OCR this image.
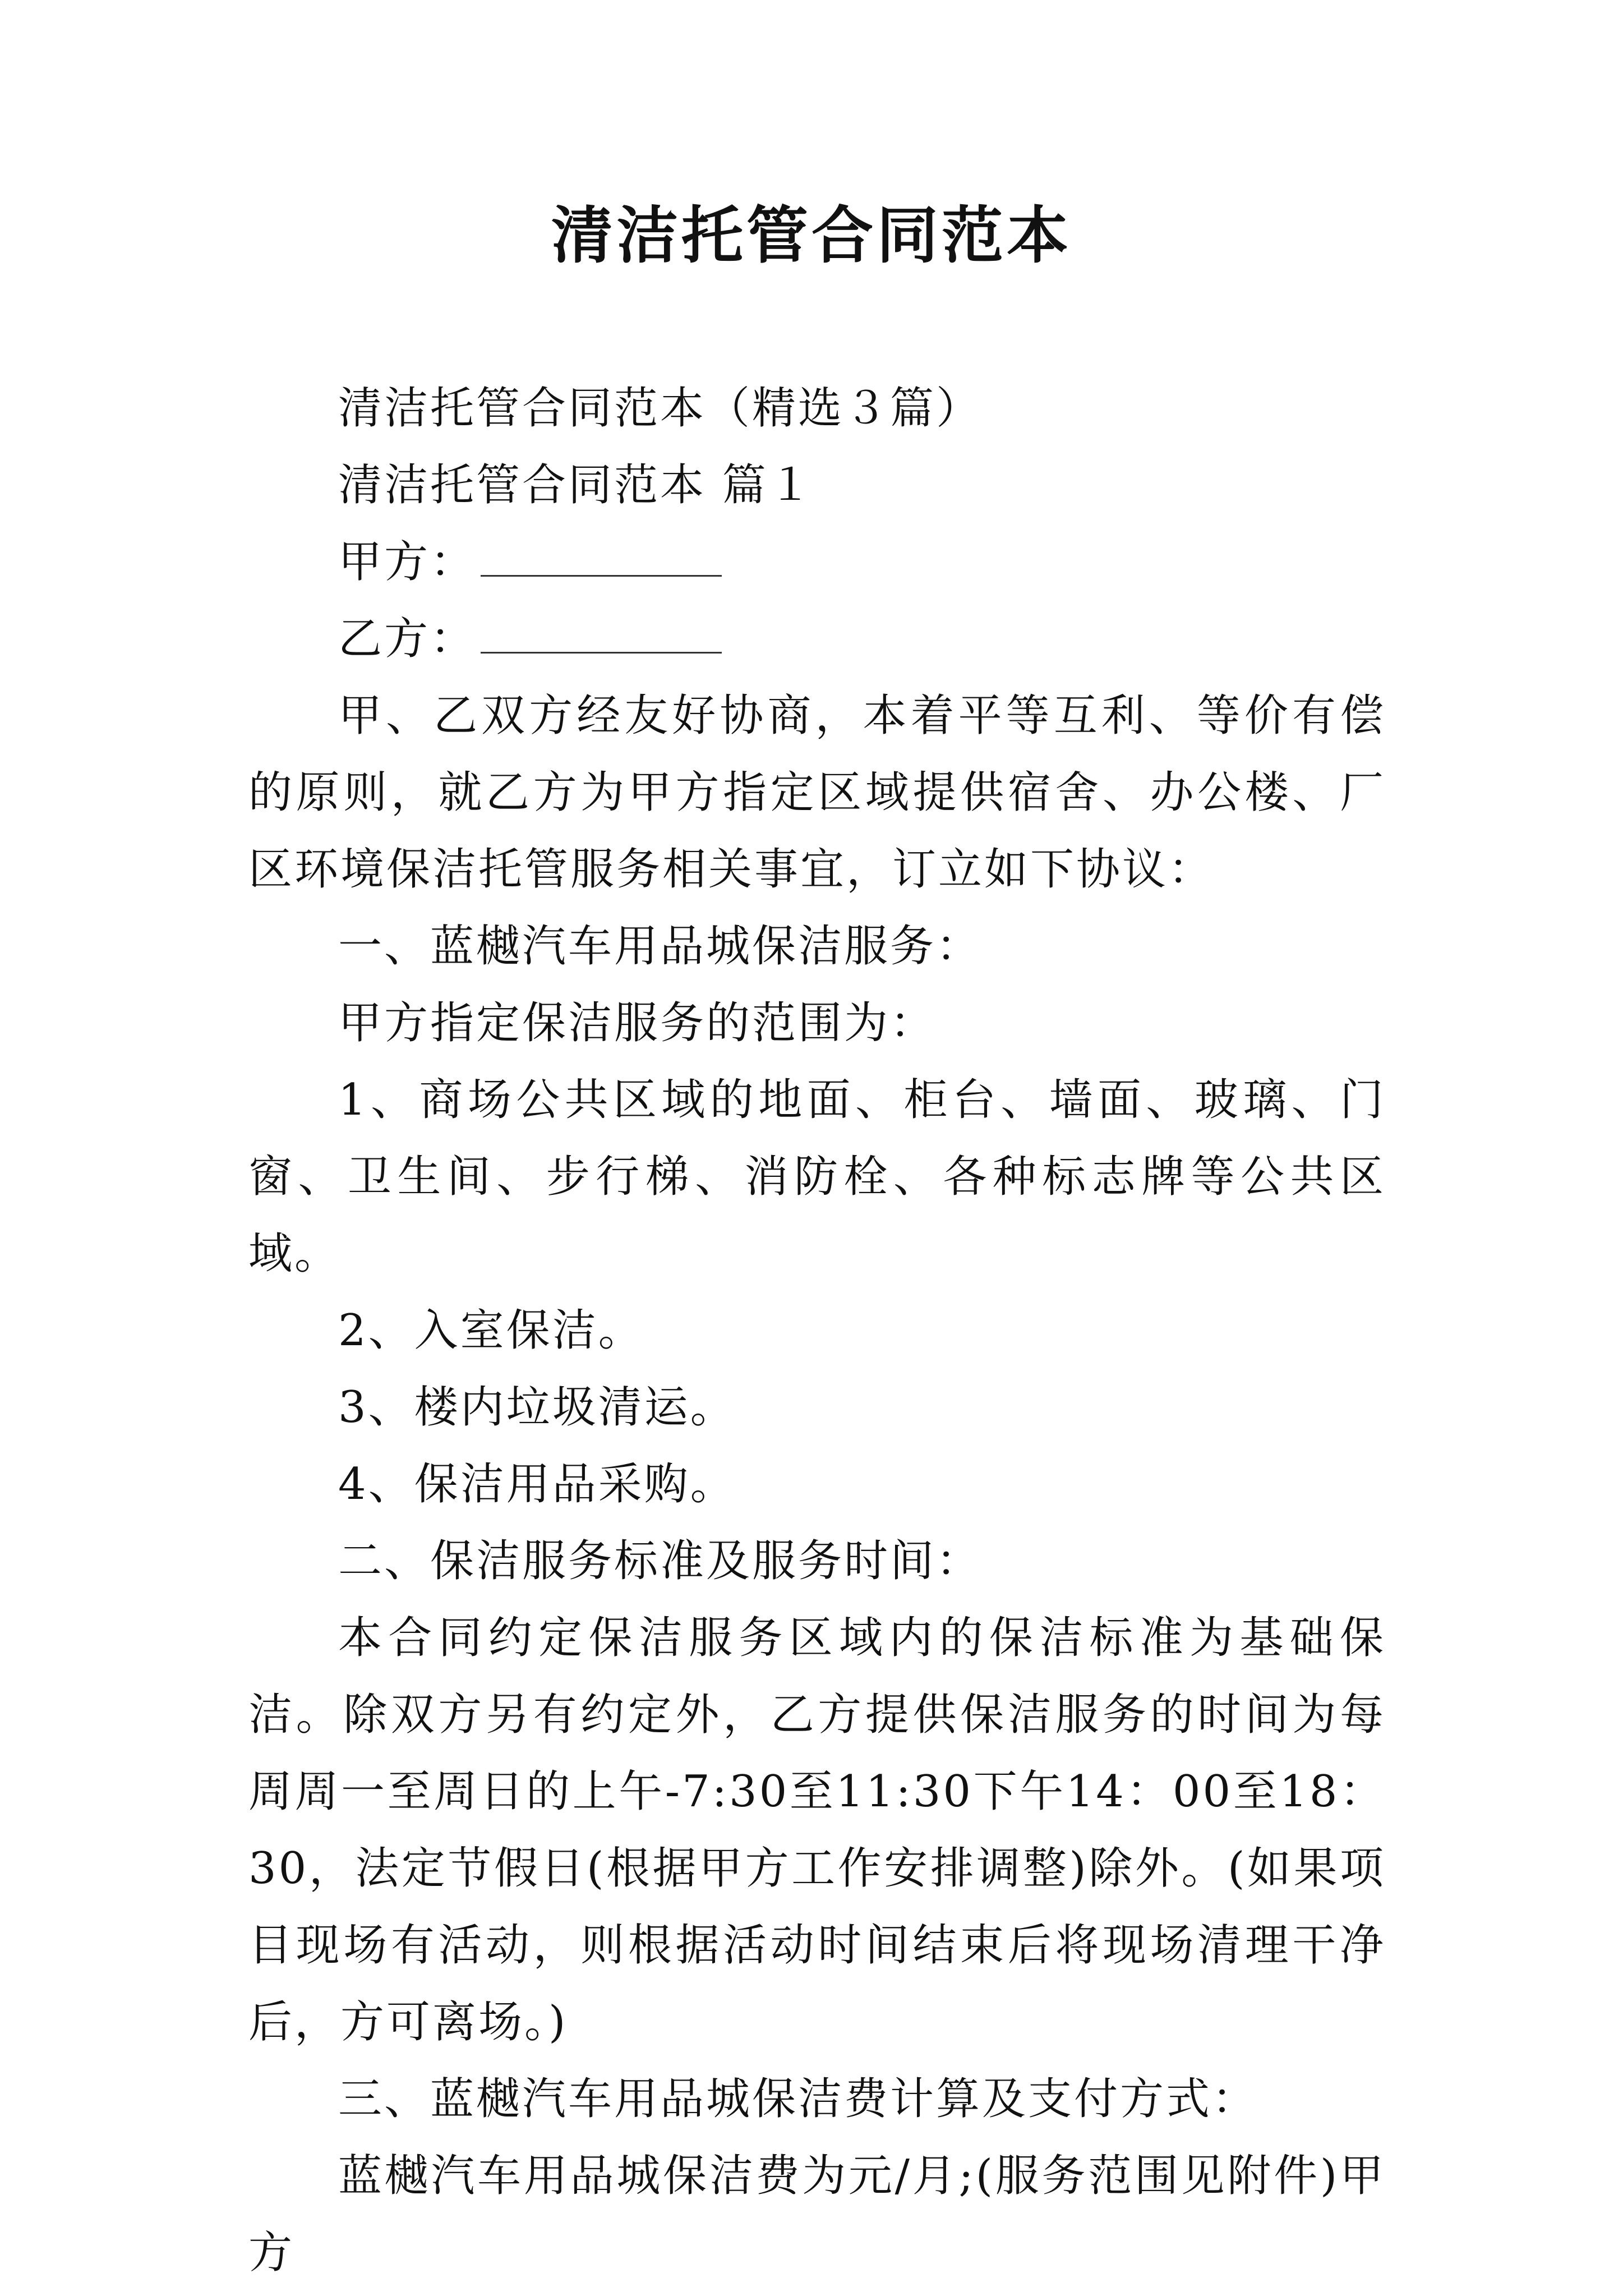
清洁托管合同范本

清洁托管合同范本（精选３篇）

清洁托管合同范本 篇１

甲方：

乙方：

甲、乙双方经友好协商，本着平等互利、等价有偿的原则，就乙方为甲方指定区域提供宿舍、办公楼、厂区环境保洁托管服务相关事宜，订立如下协议：

一、蓝樾汽车用品城保洁服务：

甲方指定保洁服务的范围为：

1、商场公共区域的地面、柜台、墙面、玻璃、门窗、卫生间、步行梯、消防栓、各种标志牌等公共区域。

2、入室保洁。

3、楼内垃圾清运。

4、保洁用品采购。

二、保洁服务标准及服务时间：

本合同约定保洁服务区域内的保洁标准为基础保洁。除双方另有约定外，乙方提供保洁服务的时间为每周周一至周日的上午-7:30至11:30下午14：00至18：30，法定节假日(根据甲方工作安排调整)除外。(如果项目现场有活动，则根据活动时间结束后将现场清理干净后，方可离场。)

三、蓝樾汽车用品城保洁费计算及支付方式：

蓝樾汽车用品城保洁费为元/月;(服务范围见附件)甲方
